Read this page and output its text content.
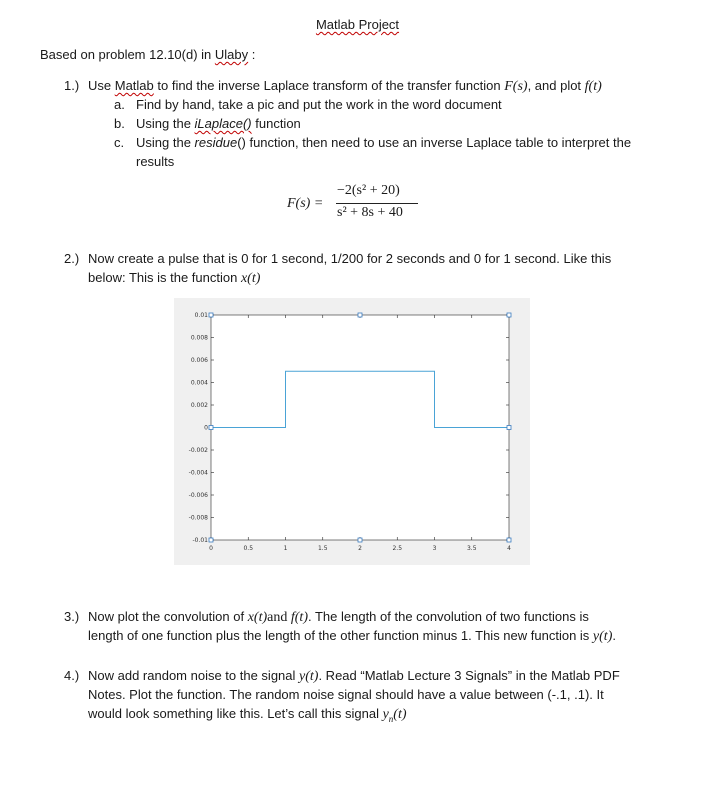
Matlab Project
Based on problem 12.10(d) in Ulaby :
1.) Use Matlab to find the inverse Laplace transform of the transfer function F(s), and plot f(t)
a. Find by hand, take a pic and put the work in the word document
b. Using the iLaplace() function
c. Using the residue() function, then need to use an inverse Laplace table to interpret the
results
F(s) =
−2(s² + 20)
s² + 8s + 40
2.) Now create a pulse that is 0 for 1 second, 1/200 for 2 seconds and 0 for 1 second. Like this
below: This is the function x(t)
0.01
0.008
0.006
0.004
0.002
0
-0.002
-0.004
-0.006
-0.008
-0.01
0	0.5	1	1.5	2	2.5	3	3.5	4
3.) Now plot the convolution of x(t)and f(t). The length of the convolution of two functions is
length of one function plus the length of the other function minus 1. This new function is y(t).
4.) Now add random noise to the signal y(t). Read “Matlab Lecture 3 Signals” in the Matlab PDF
Notes. Plot the function. The random noise signal should have a value between (-.1, .1). It
would look something like this. Let’s call this signal $y_n(t)$
